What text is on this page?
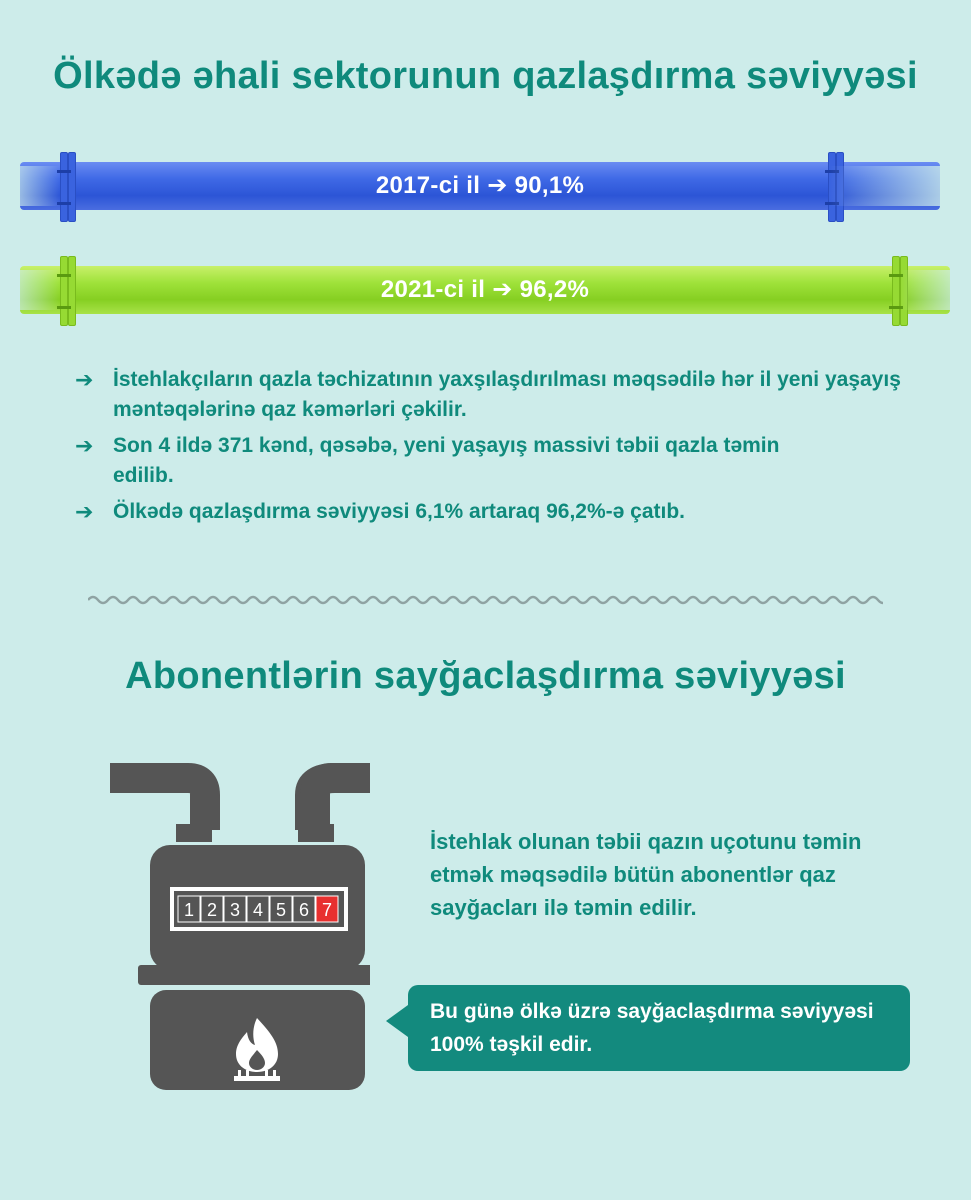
Ölkədə əhali sektorunun qazlaşdırma səviyyəsi
2017-ci il ➔ 90,1%
2021-ci il ➔ 96,2%
➔ İstehlakçıların qazla təchizatının yaxşılaşdırılması məqsədilə hər il yeni yaşayış məntəqələrinə qaz kəmərləri çəkilir.
➔ Son 4 ildə 371 kənd, qəsəbə, yeni yaşayış massivi təbii qazla təmin edilib.
➔ Ölkədə qazlaşdırma səviyyəsi 6,1% artaraq 96,2%-ə çatıb.
Abonentlərin sayğaclaşdırma səviyyəsi
1 2 3 4 5 6 7
İstehlak olunan təbii qazın uçotunu təmin etmək məqsədilə bütün abonentlər qaz sayğacları ilə təmin edilir.
Bu günə ölkə üzrə sayğaclaşdırma səviyyəsi 100% təşkil edir.
